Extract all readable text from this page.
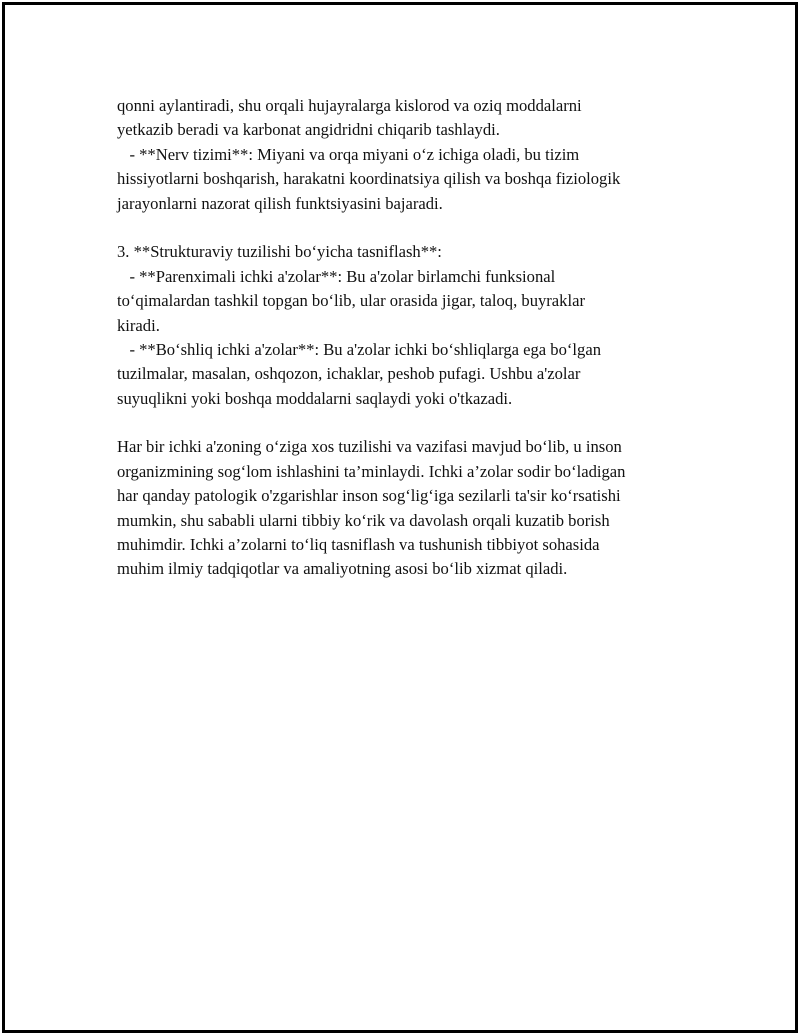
qonni aylantiradi, shu orqali hujayralarga kislorod va oziq moddalarni
yetkazib beradi va karbonat angidridni chiqarib tashlaydi.
- **Nerv tizimi**: Miyani va orqa miyani o‘z ichiga oladi, bu tizim
hissiyotlarni boshqarish, harakatni koordinatsiya qilish va boshqa fiziologik
jarayonlarni nazorat qilish funktsiyasini bajaradi.
3. **Strukturaviy tuzilishi bo‘yicha tasniflash**:
- **Parenximali ichki a'zolar**: Bu a'zolar birlamchi funksional
to‘qimalardan tashkil topgan bo‘lib, ular orasida jigar, taloq, buyraklar
kiradi.
- **Bo‘shliq ichki a'zolar**: Bu a'zolar ichki bo‘shliqlarga ega bo‘lgan
tuzilmalar, masalan, oshqozon, ichaklar, peshob pufagi. Ushbu a'zolar
suyuqlikni yoki boshqa moddalarni saqlaydi yoki o'tkazadi.
Har bir ichki a'zoning o‘ziga xos tuzilishi va vazifasi mavjud bo‘lib, u inson
organizmining sog‘lom ishlashini ta’minlaydi. Ichki a’zolar sodir bo‘ladigan
har qanday patologik o'zgarishlar inson sog‘lig‘iga sezilarli ta'sir ko‘rsatishi
mumkin, shu sababli ularni tibbiy ko‘rik va davolash orqali kuzatib borish
muhimdir. Ichki a’zolarni to‘liq tasniflash va tushunish tibbiyot sohasida
muhim ilmiy tadqiqotlar va amaliyotning asosi bo‘lib xizmat qiladi.
